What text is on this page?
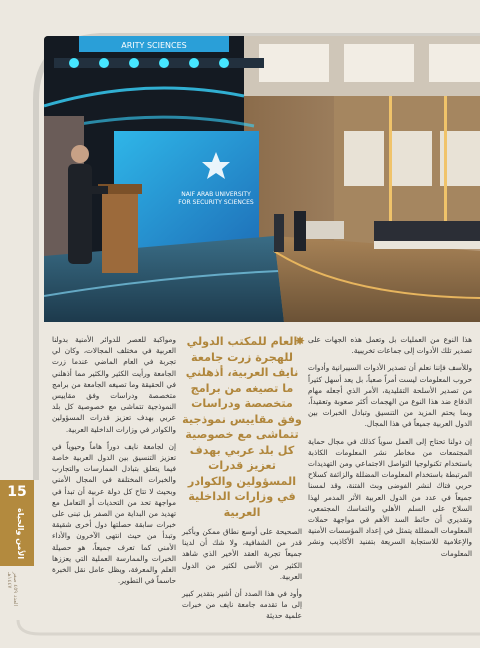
ARITY SCIENCES
NAIF ARAB UNIVERSITY
FOR SECURITY SCIENCES

هذا النوع من العمليات بل وتعمل هذه الجهات على تصدير تلك الأدوات إلى جماعات تخريبية.

وللأسف فإننا نعلم أن تصدير الأدوات السيبرانية وأدوات حروب المعلومات ليست أمراً صعباً، بل يعد أسهل كثيراً من تصدير الأسلحة التقليدية، الأمر الذي أجعله مهام الدفاع ضد هذا النوع من الهجمات أكثر صعوبة وتعقيداً، وبما يحتم المزيد من التنسيق وتبادل الخبرات بين الدول العربية جميعاً في هذا المجال.

إن دولنا تحتاج إلى العمل سوياً كذلك في مجال حماية المجتمعات من مخاطر نشر المعلومات الكاذبة باستخدام تكنولوجيا التواصل الاجتماعي ومن التهديدات المرتبطة باستخدام المعلومات المضللة والزائفة كسلاح حربي فتاك لنشر الفوضى وبث الفتنة، وقد لمسنا جميعاً في عدد من الدول العربية الأثر المدمر لهذا السلاح على السلم الأهلي والتماسك المجتمعي، وتقديري أن حائط السد الأهم في مواجهة حملات المعلومات المضللة يتمثل في إعداد المؤسسات الأمنية والإعلامية للاستجابة السريعة بتفنيد الأكاذيب ونشر المعلومات

✸

العام للمكتب الدولي للهجرة زرت جامعة نايف العربية، أذهلني ما تصيغه من برامج متخصصة ودراسات وفق مقاييس نموذجية تتماشى مع خصوصية كل بلد عربي بهدف تعزيز قدرات المسؤولين والكوادر في وزارات الداخلية العربية

الصحيحة على أوسع نطاق ممكن وبأكبر قدر من الشفافية، ولا شك أن لدينا جميعاً تجربة العقد الأخير الذي شاهد الكثير من الأسى لكثير من الدول العربية.

وأود في هذا الصدد أن أشير بتقدير كبير إلى ما تقدمه جامعة نايف من خبرات علمية حديثة

ومواكبة للعصر للدوائر الأمنية بدولنا العربية في مختلف المجالات، وكان لي تجربة في العام الماضي عندما زرت الجامعة ورأيت الكثير والكثير مما أذهلني في الحقيقة وما تصيغه الجامعة من برامج متخصصة ودراسات وفق مقاييس النموذجية تتماشى مع خصوصية كل بلد عربي بهدف تعزيز قدرات المسؤولين والكوادر في وزارات الداخلية العربية.

إن لجامعة نايف دوراً هاماً وحيوياً في تعزيز التنسيق بين الدول العربية خاصة فيما يتعلق بتبادل الممارسات والتجارب والخبرات المختلفة في المجال الأمني وبحيث لا تتاح كل دولة عربية أن تبدأ في مواجهة تحد من التحديات أو التعامل مع تهديد من البداية من الصفر بل تبنى على خبرات سابقة حصلتها دول أخرى شقيقة وتبدأ من حيث انتهى الآخرون والأداء الأمني كما تعرف جميعاً، هو حصيلة الخبرات والممارسة العملية التي يعززها العلم والمعرفة، ويظل عامل نقل الخبرة حاسماً في التطوير.

15
الأمن والحياة
العدد ٤٥٩ صفر ١٤٤٧هـ
